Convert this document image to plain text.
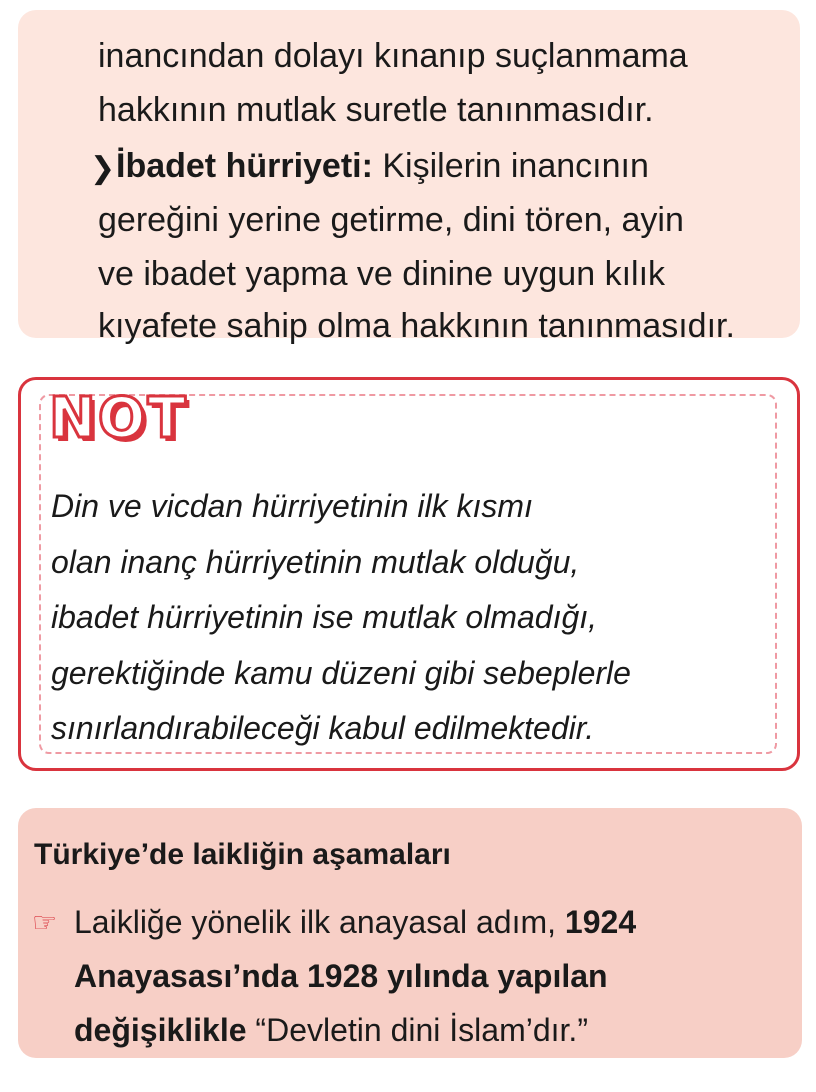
inancından dolayı kınanıp suçlanmama
hakkının mutlak suretle tanınmasıdır.
❯ İbadet hürriyeti: Kişilerin inancının
gereğini yerine getirme, dini tören, ayin
ve ibadet yapma ve dinine uygun kılık
kıyafete sahip olma hakkının tanınmasıdır.
NOT
Din ve vicdan hürriyetinin ilk kısmı
olan inanç hürriyetinin mutlak olduğu,
ibadet hürriyetinin ise mutlak olmadığı,
gerektiğinde kamu düzeni gibi sebeplerle
sınırlandırabileceği kabul edilmektedir.
Türkiye’de laikliğin aşamaları
☞ Laikliğe yönelik ilk anayasal adım, 1924
Anayasası’nda 1928 yılında yapılan
değişiklikle “Devletin dini İslam’dır.”
